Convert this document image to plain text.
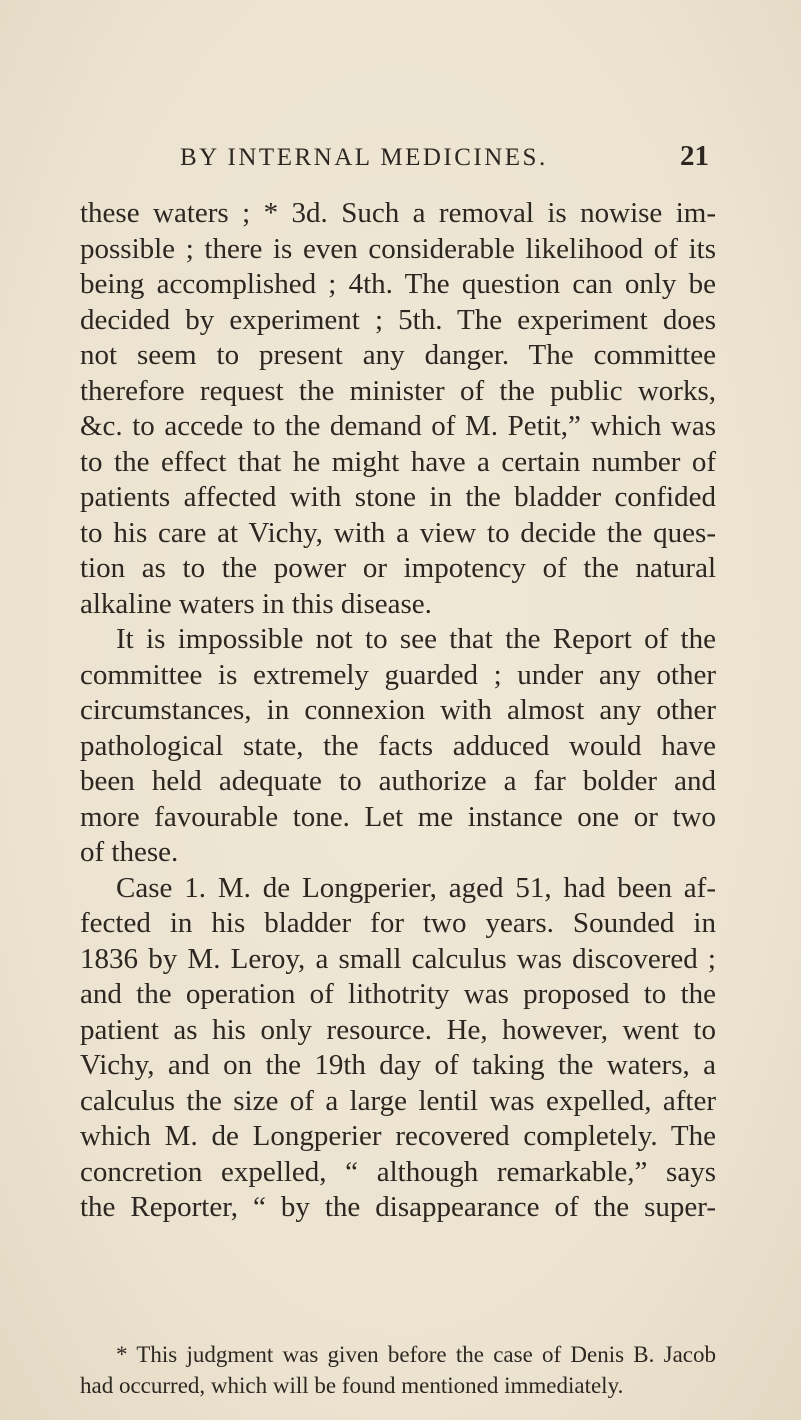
BY INTERNAL MEDICINES.	21
these waters ; * 3d. Such a removal is nowise im-
possible ; there is even considerable likelihood of its
being accomplished ; 4th. The question can only be
decided by experiment ; 5th. The experiment does
not seem to present any danger. The committee
therefore request the minister of the public works,
&c. to accede to the demand of M. Petit,” which was
to the effect that he might have a certain number of
patients affected with stone in the bladder confided
to his care at Vichy, with a view to decide the ques-
tion as to the power or impotency of the natural
alkaline waters in this disease.
It is impossible not to see that the Report of the
committee is extremely guarded ; under any other
circumstances, in connexion with almost any other
pathological state, the facts adduced would have
been held adequate to authorize a far bolder and
more favourable tone. Let me instance one or two
of these.
Case 1. M. de Longperier, aged 51, had been af-
fected in his bladder for two years. Sounded in
1836 by M. Leroy, a small calculus was discovered ;
and the operation of lithotrity was proposed to the
patient as his only resource. He, however, went to
Vichy, and on the 19th day of taking the waters, a
calculus the size of a large lentil was expelled, after
which M. de Longperier recovered completely. The
concretion expelled, “ although remarkable,” says
the Reporter, “ by the disappearance of the super-
* This judgment was given before the case of Denis B. Jacob
had occurred, which will be found mentioned immediately.
